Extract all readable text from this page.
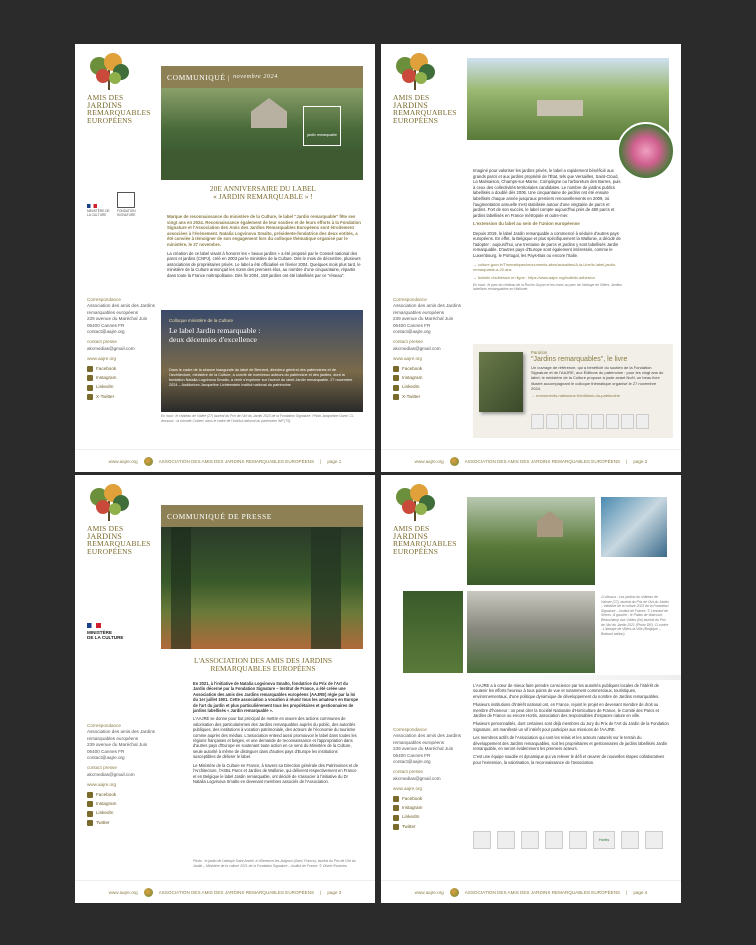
AMIS DES
JARDINS
REMARQUABLES
EUROPÉENS
MINISTÈRE DE LA CULTURE
FONDATION SIGNATURE
COMMUNIQUÉ | novembre 2024
jardin remarquable
20E ANNIVERSAIRE DU LABEL
« JARDIN REMARQUABLE » !

Marque de reconnaissance du ministère de la Culture, le label "Jardin remarquable" fête ses vingt ans en 2024. Reconnaissance également de leur soutien et de leurs efforts à la Fondation Signature et l'Association des Amis des Jardins Remarquables Européens sont étroitement associées à l'événement. Natalia Logvinova Smalto, présidente-fondatrice des deux entités, a été conviée à témoigner de son engagement lors du colloque thématique organisé par le ministère, le 27 novembre.

La création de ce label visant à honorer les « beaux jardins » a été proposé par le Conseil national des parcs et jardins (CNPJ), créé en 2003 par le ministère de la Culture. Dès le mois de décembre, plusieurs associations de propriétaires privés. Le label a été officialisé en février 2004. Quelques mois plus tard, le ministère de la Culture annonçait les noms des premiers élus, au nombre d'une cinquantaine, répartis dans toute la France métropolitaine. Dès fin 2004, 158 jardins ont été labellisés par ce "réseau".

Correspondance
Association des amis des Jardins
remarquables européens
239 avenue du Maréchal Juin
06400 Cannes FR
contact@aajre.org
contact presse
akcmedias@gmail.com
www.aajre.org
Facebook
Instagram
LinkedIn
X-Twitter
Colloque ministère de la Culture
Le label Jardin remarquable :
deux décennies d'excellence
Dans le cadre de la séance inaugurale du label de Bernard, directeur général des patrimoines et de l'architecture, ministère de la Culture, a convié de nombreux acteurs du patrimoine et des jardins, dont la fondation Natalia Logvinova Smalto, à venir s'exprimer sur l'avenir du label Jardin remarquable. 27 novembre 2024 – Auditorium Jacqueline Lichtenstein Institut national du patrimoine
En haut : le château de Vallée (27) lauréat du Prix de l'Art du Jardin 2023 de la Fondation Signature. Photo Jacqueline Garel. Ci-dessous : la rotonde Colbert, dans le cadre de l'Institut national du patrimoine INP (75).
www.aajre.org	ASSOCIATION DES AMIS DES JARDINS REMARQUABLES EUROPÉENS | page 1
AMIS DES
JARDINS
REMARQUABLES
EUROPÉENS

Imaginé pour valoriser les jardins privés, le label a rapidement bénéficié aux grands parcs et aux jardins propriété de l'État, tels que Versailles, Saint-Cloud, La Malmaison, Champs-sur-Marne, Compiègne ou l'arboretum des Barres, puis à ceux des collectivités territoriales candidates. Le nombre de jardins publics labellisés a doublé dès 2006. Une cinquantaine de jardins ont été ensuite labellisés chaque année jusqu'aux premiers renouvellements en 2009, où l'augmentation annuelle s'est stabilisée autour d'une vingtaine de parcs et jardins. Fort de son succès, le label compte aujourd'hui près de 480 parcs et jardins labellisés en France métropole et outre-mer.

L'extension du label au sein de l'Union européenne

Depuis 2019, le label Jardin remarquable a commencé à séduire d'autres pays européens. En effet, la Belgique et plus spécifiquement la Wallonie, a décidé de l'adopter : aujourd'hui, une trentaine de parcs et jardins y sont labellisés Jardin remarquable. D'autres pays d'Europe sont également intéressés, comme le Luxembourg, le Portugal, les Pays-Bas ou encore l'Italie.

→ culture.gouv.fr/Thematiques/monuments-sites/actualites/A-la-Une/le-label-jardin-remarquable-a-20-ans

→ bulletin d'adhésion en ligne : https://www.aajre.org/bulletin-adhesion

En haut : le parc du château de la Roche-Guyon et les roses au parc de l'abbaye de Villers, Jardins labellisés remarquables en Wallonie.

Correspondance
Association des amis des Jardins
remarquables européens
239 avenue du Maréchal Juin
06400 Cannes FR
contact@aajre.org
contact presse
akcmedias@gmail.com
www.aajre.org
Facebook
Instagram
LinkedIn
X-Twitter
Parution
"Jardins remarquables", le livre
Un ouvrage de référence, qui a bénéficié du soutien de la Fondation Signature et de l'AAJRE, aux Éditions du patrimoine : pour les vingt ans du label, le ministère de la Culture propose à juste avant Noël, un beau livre illustré accompagnant le colloque thématique organisé le 27 novembre 2024.
→ monuments-nationaux.fr/editions-du-patrimoine
www.aajre.org	ASSOCIATION DES AMIS DES JARDINS REMARQUABLES EUROPÉENS | page 2
AMIS DES
JARDINS
REMARQUABLES
EUROPÉENS
COMMUNIQUÉ DE PRESSE
MINISTÈRE
DE LA CULTURE
L'ASSOCIATION DES AMIS DES JARDINS
REMARQUABLES EUROPÉENS

En 2021, à l'initiative de Natalia Logvinova Smalto, fondatrice du Prix de l'Art du Jardin décerné par la Fondation Signature – Institut de France, a été créée une Association des amis des Jardins remarquables européens (AAJRE) régie par la loi du 1er juillet 1901. Cette association a vocation à réunir tous les amateurs en Europe de l'art du jardin et plus particulièrement tous les propriétaires et gestionnaires de jardins labellisés « Jardin remarquable ».

L'AAJRE se donne pour but principal de mettre en œuvre des actions communes de valorisation des particularismes des Jardins remarquables auprès du public, des autorités publiques, des institutions à vocation patrimoniale, des acteurs de l'économie du tourisme comme auprès des médias. L'association entend aussi promouvoir le label dans toutes les régions françaises et belges, et une demande de reconnaissance et l'appropriation dans d'autres pays d'Europe en soutenant toute action en ce sens du Ministère de la Culture, seule autorité à même de distinguer dans d'autres pays d'Europe les institutions susceptibles de délivrer le label.

Le Ministère de la Culture en France, à travers sa Direction générale des Patrimoines et de l'Architecture, l'ASBL Parcs et Jardins de Wallonie, qui délivrent respectivement en France et en Belgique le label Jardin remarquable, ont décidé de s'associer à l'initiative du Dr Natalia Logvinova Smalto en devenant membres associés de l'Association.

Correspondance
Association des amis des Jardins
remarquables européens
239 avenue du Maréchal Juin
06400 Cannes FR
contact@aajre.org
contact presse
akcmedias@gmail.com
www.aajre.org
Facebook
Instagram
LinkedIn
Twitter
Photo : le jardin de l'abbaye Saint-André, à Villeneuve-lès-Avignon (Gard, France), lauréat du Prix de l'Art du Jardin – Ministère de la culture 2021 de la Fondation Signature – Institut de France. © Olivier Roumieu
www.aajre.org	ASSOCIATION DES AMIS DES JARDINS REMARQUABLES EUROPÉENS | page 3
AMIS DES
JARDINS
REMARQUABLES
EUROPÉENS
Ci-dessus : Les jardins du château de Valmer (37), lauréat du Prix de l'Art du Jardin – Initiative de la culture 2023 de la Fondation Signature – Institut de France. © Léonard de Serres. À gauche : le Palais de Walcourt, Beauchamp aux Odiles (Ile) lauréat du Prix de l'Art du Jardin 2021 (Photo DR). Ci-contre : L'abbaye de Villers-la-Ville (Belgique – Brabant wallon).

L'AAJRE a à cœur de mieux faire prendre conscience par les autorités publiques locales de l'intérêt de soutenir les efforts heureux à tous points de vue et notamment commerciaux, touristiques, environnementaux, d'une politique dynamique de développement du nombre de Jardins remarquables.

Plusieurs institutions d'intérêt national ont, en France, rejoint le projet en devenant membre de droit ou membre d'honneur : on peut citer la Société Nationale d'Horticulture de France, le Comité des Parcs et Jardins de France ou encore Hortis, association des responsables d'espaces nature en ville.

Plusieurs personnalités, dont certaines sont déjà membres du Jury du Prix de l'Art du Jardin de la Fondation Signature, ont manifesté un vif intérêt pour participer aux missions de l'AAJRE.

Les membres actifs de l'Association qui sont les relais et les acteurs naturels sur le terrain du développement des Jardins remarquables, soit les propriétaires et gestionnaires de jardins labellisés Jardin remarquable, en seront évidemment les premiers acteurs.

C'est une équipe soudée et dynamique qui va relever le défi et œuvrer de nouvelles étapes collaboratives pour l'extension, la valorisation, la reconnaissance de l'association.

Correspondance
Association des amis des Jardins
remarquables européens
239 avenue du Maréchal Juin
06400 Cannes FR
contact@aajre.org
contact presse
akcmedias@gmail.com
www.aajre.org
Facebook
Instagram
LinkedIn
Twitter
Hortis
www.aajre.org	ASSOCIATION DES AMIS DES JARDINS REMARQUABLES EUROPÉENS | page 4
